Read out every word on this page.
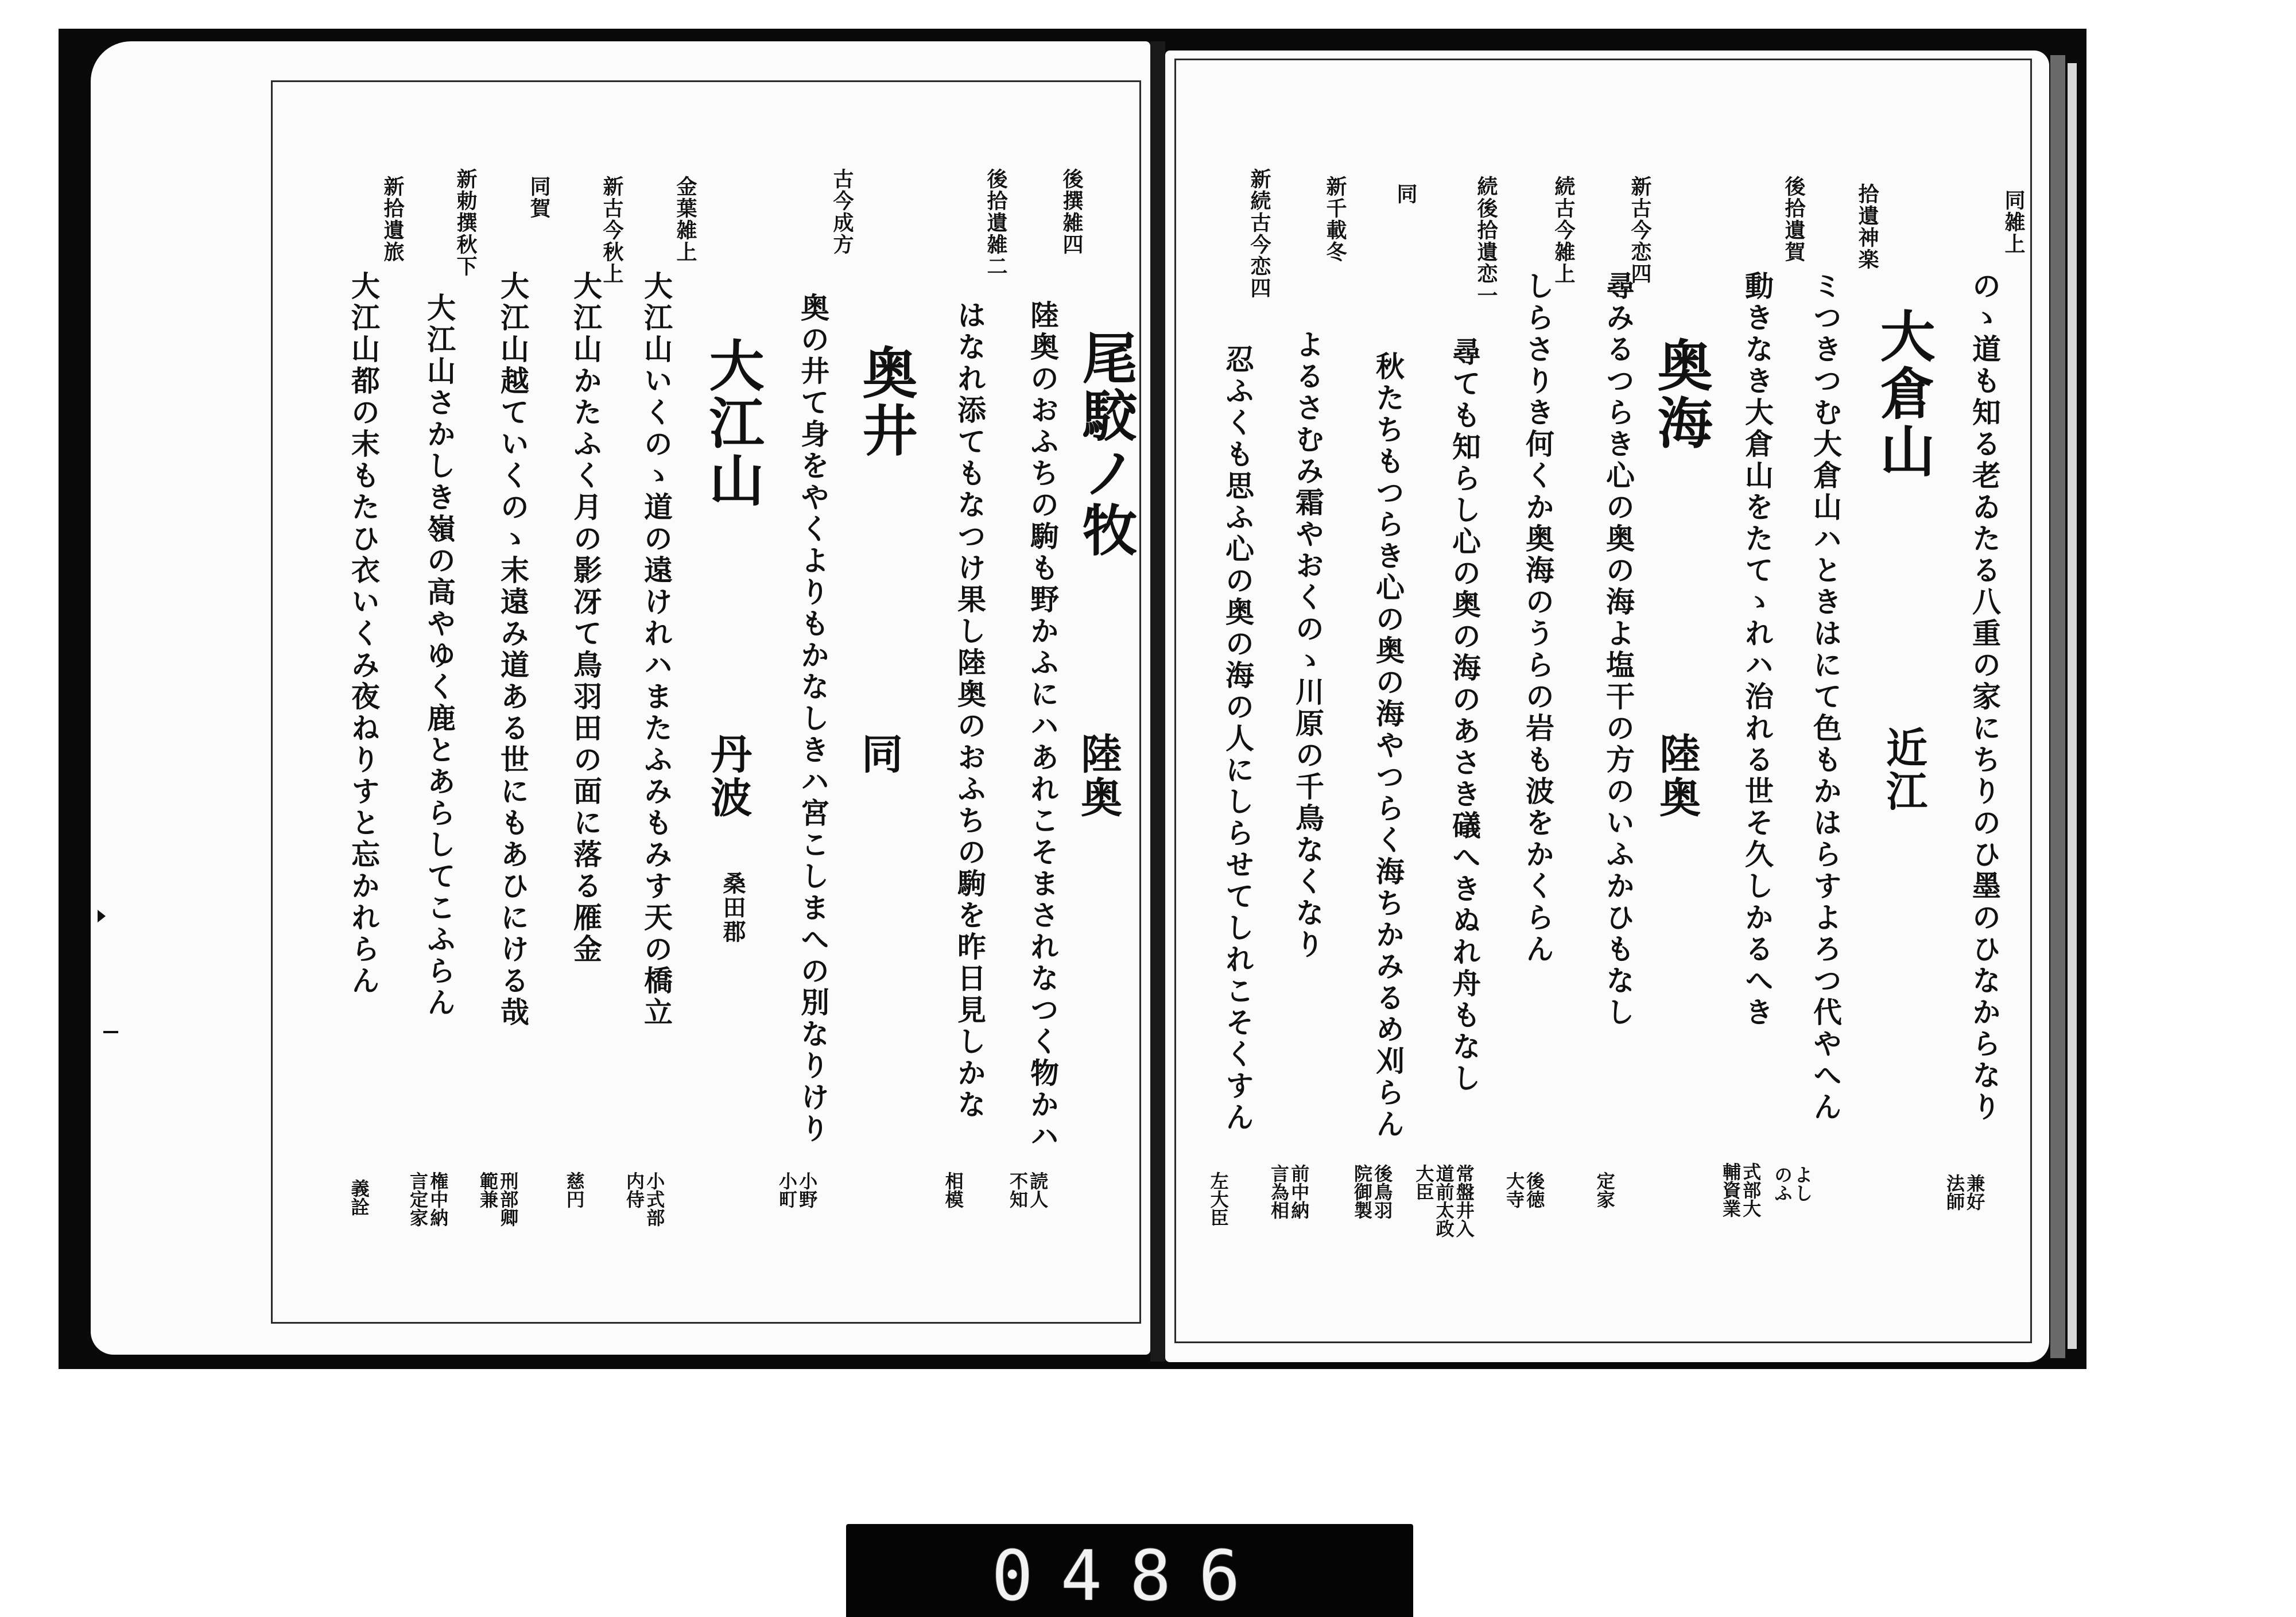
同雑上
のゝ道も知る老ゐたる八重の家にちりのひ墨のひなからなり
兼好法師
大倉山
近江
拾遺神楽
ミつきつむ大倉山ハときはにて色もかはらすよろつ代やへん
よしのふ
後拾遺賀
動きなき大倉山をたてゝれハ治れる世そ久しかるへき
式部大輔資業
奥海
陸奥
新古今恋四
尋みるつらき心の奥の海よ塩干の方のいふかひもなし
定家
続古今雑上
しらさりき何くか奥海のうらの岩も波をかくらん
後徳大寺
続後拾遺恋一
尋ても知らし心の奥の海のあさき礒へきぬれ舟もなし
常盤井入道前太政大臣
同
秋たちもつらき心の奥の海やつらく海ちかみるめ刈らん
後鳥羽院御製
新千載冬
よるさむみ霜やおくのゝ川原の千鳥なくなり
前中納言為相
新続古今恋四
忍ふくも思ふ心の奥の海の人にしらせてしれこそくすん
左大臣
尾駮ノ牧
陸奥
後撰雑四
陸奥のおふちの駒も野かふにハあれこそまされなつく物かハ
読人不知
後拾遺雑二
はなれ添てもなつけ果し陸奥のおふちの駒を昨日見しかな
相模
奥井
同
古今成方
奥の井て身をやくよりもかなしきハ宮こしまへの別なりけり
小野小町
大江山
丹波
桑田郡
金葉雑上
大江山いくのゝ道の遠けれハまたふみもみす天の橋立
小式部内侍
新古今秋上
大江山かたふく月の影冴て鳥羽田の面に落る雁金
慈円
同賀
大江山越ていくのゝ末遠み道ある世にもあひにける哉
刑部卿範兼
新勅撰秋下
大江山さかしき嶺の高やゆく鹿とあらしてこふらん
権中納言定家
新拾遺旅
大江山都の末もたひ衣いくみ夜ねりすと忘かれらん
義詮
0486
